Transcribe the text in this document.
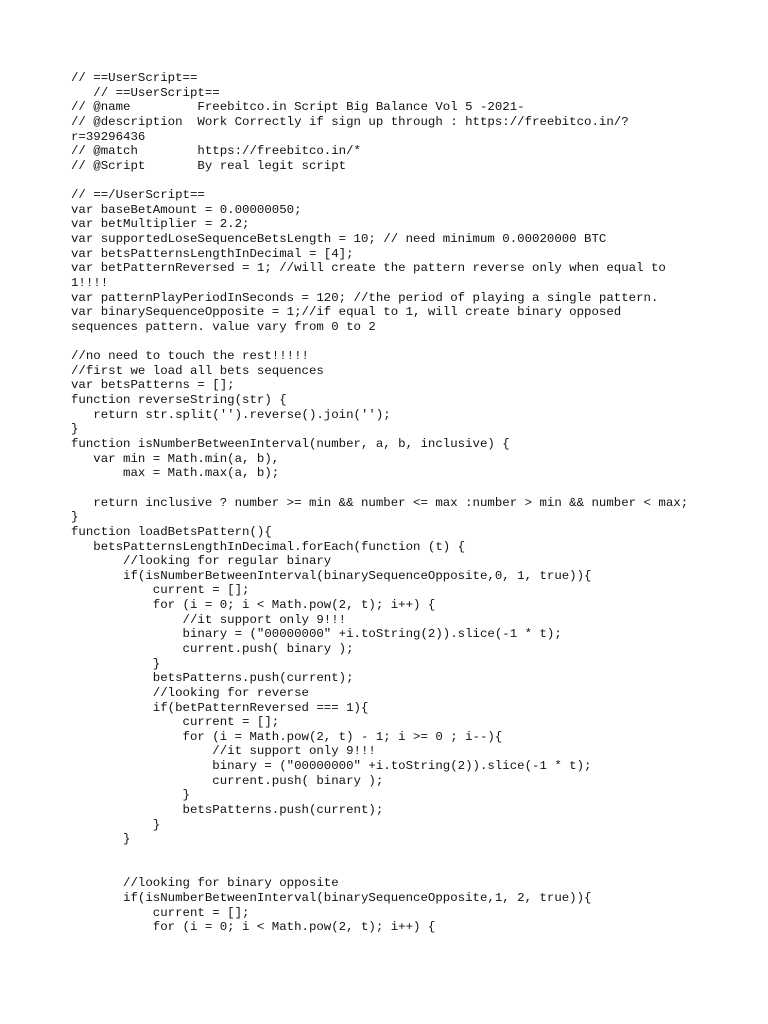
// ==UserScript==
// ==UserScript==
// @name         Freebitco.in Script Big Balance Vol 5 -2021-
// @description  Work Correctly if sign up through : https://freebitco.in/?
r=39296436
// @match        https://freebitco.in/*
// @Script       By real legit script
// ==/UserScript==
var baseBetAmount = 0.00000050;
var betMultiplier = 2.2;
var supportedLoseSequenceBetsLength = 10; // need minimum 0.00020000 BTC
var betsPatternsLengthInDecimal = [4];
var betPatternReversed = 1; //will create the pattern reverse only when equal to
1!!!!
var patternPlayPeriodInSeconds = 120; //the period of playing a single pattern.
var binarySequenceOpposite = 1;//if equal to 1, will create binary opposed
sequences pattern. value vary from 0 to 2
//no need to touch the rest!!!!!
//first we load all bets sequences
var betsPatterns = [];
function reverseString(str) {
return str.split('').reverse().join('');
}
function isNumberBetweenInterval(number, a, b, inclusive) {
var min = Math.min(a, b),
max = Math.max(a, b);
return inclusive ? number >= min && number <= max :number > min && number < max;
}
function loadBetsPattern(){
betsPatternsLengthInDecimal.forEach(function (t) {
//looking for regular binary
if(isNumberBetweenInterval(binarySequenceOpposite,0, 1, true)){
current = [];
for (i = 0; i < Math.pow(2, t); i++) {
//it support only 9!!!
binary = ("00000000" +i.toString(2)).slice(-1 * t);
current.push( binary );
}
betsPatterns.push(current);
//looking for reverse
if(betPatternReversed === 1){
current = [];
for (i = Math.pow(2, t) - 1; i >= 0 ; i--){
//it support only 9!!!
binary = ("00000000" +i.toString(2)).slice(-1 * t);
current.push( binary );
}
betsPatterns.push(current);
}
}
//looking for binary opposite
if(isNumberBetweenInterval(binarySequenceOpposite,1, 2, true)){
current = [];
for (i = 0; i < Math.pow(2, t); i++) {
